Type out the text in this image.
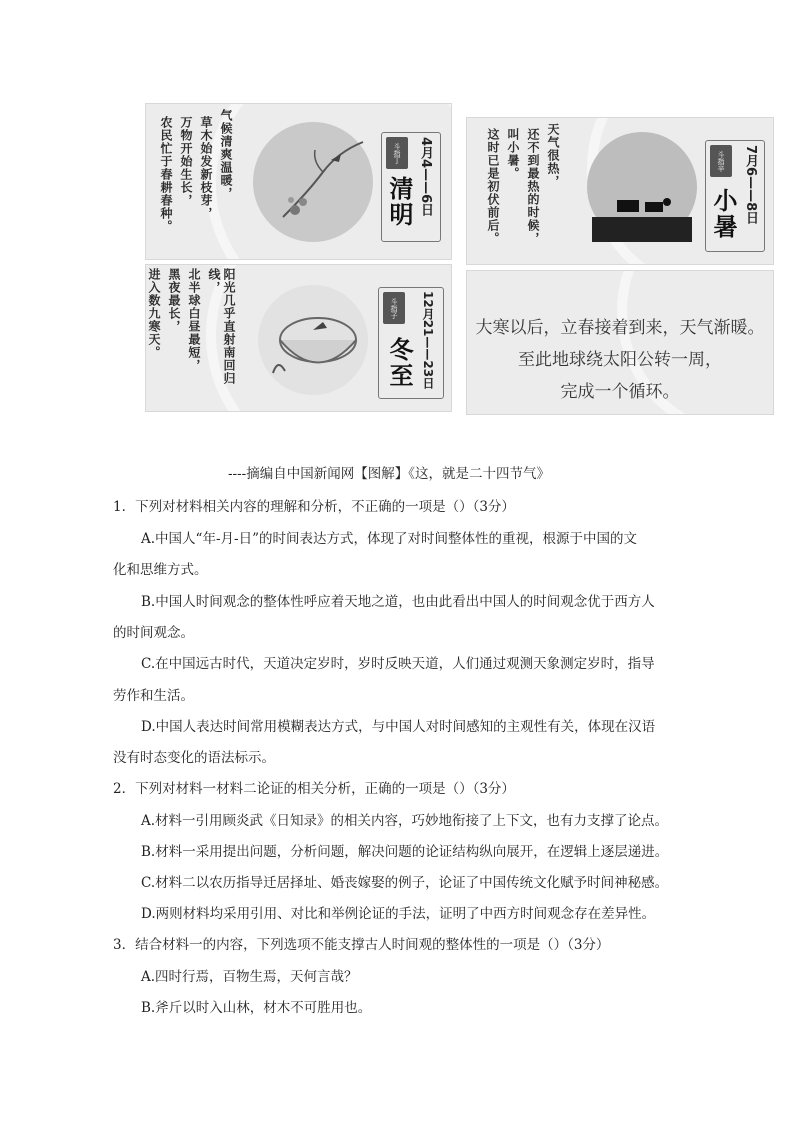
农民忙于春耕春种。 万物开始生长， 草木始发新枝芽， 气候清爽温暖，	斗指丁	4月4——6日
清明	这时已是初伏前后。 叫小暑。 还不到最热的时候， 天气很热，	斗指辛	7月6——8日
小暑
进入数九寒天。 黑夜最长， 北半球白昼最短，	阳光几乎直射南回归线，
斗指子	12月21——23日
冬至
大寒以后，立春接着到来，天气渐暖。
至此地球绕太阳公转一周，
完成一个循环。
----摘编自中国新闻网【图解】《这，就是二十四节气》
1．下列对材料相关内容的理解和分析，不正确的一项是（）（3分）
A.中国人“年-月-日”的时间表达方式，体现了对时间整体性的重视，根源于中国的文
化和思维方式。
B.中国人时间观念的整体性呼应着天地之道，也由此看出中国人的时间观念优于西方人
的时间观念。
C.在中国远古时代，天道决定岁时，岁时反映天道，人们通过观测天象测定岁时，指导
劳作和生活。
D.中国人表达时间常用模糊表达方式，与中国人对时间感知的主观性有关，体现在汉语
没有时态变化的语法标示。
2．下列对材料一材料二论证的相关分析，正确的一项是（）（3分）
A.材料一引用顾炎武《日知录》的相关内容，巧妙地衔接了上下文，也有力支撑了论点。
B.材料一采用提出问题，分析问题，解决问题的论证结构纵向展开，在逻辑上逐层递进。
C.材料二以农历指导迁居择址、婚丧嫁娶的例子，论证了中国传统文化赋予时间神秘感。
D.两则材料均采用引用、对比和举例论证的手法，证明了中西方时间观念存在差异性。
3．结合材料一的内容，下列选项不能支撑古人时间观的整体性的一项是（）（3分）
A.四时行焉，百物生焉，天何言哉？
B.斧斤以时入山林，材木不可胜用也。
